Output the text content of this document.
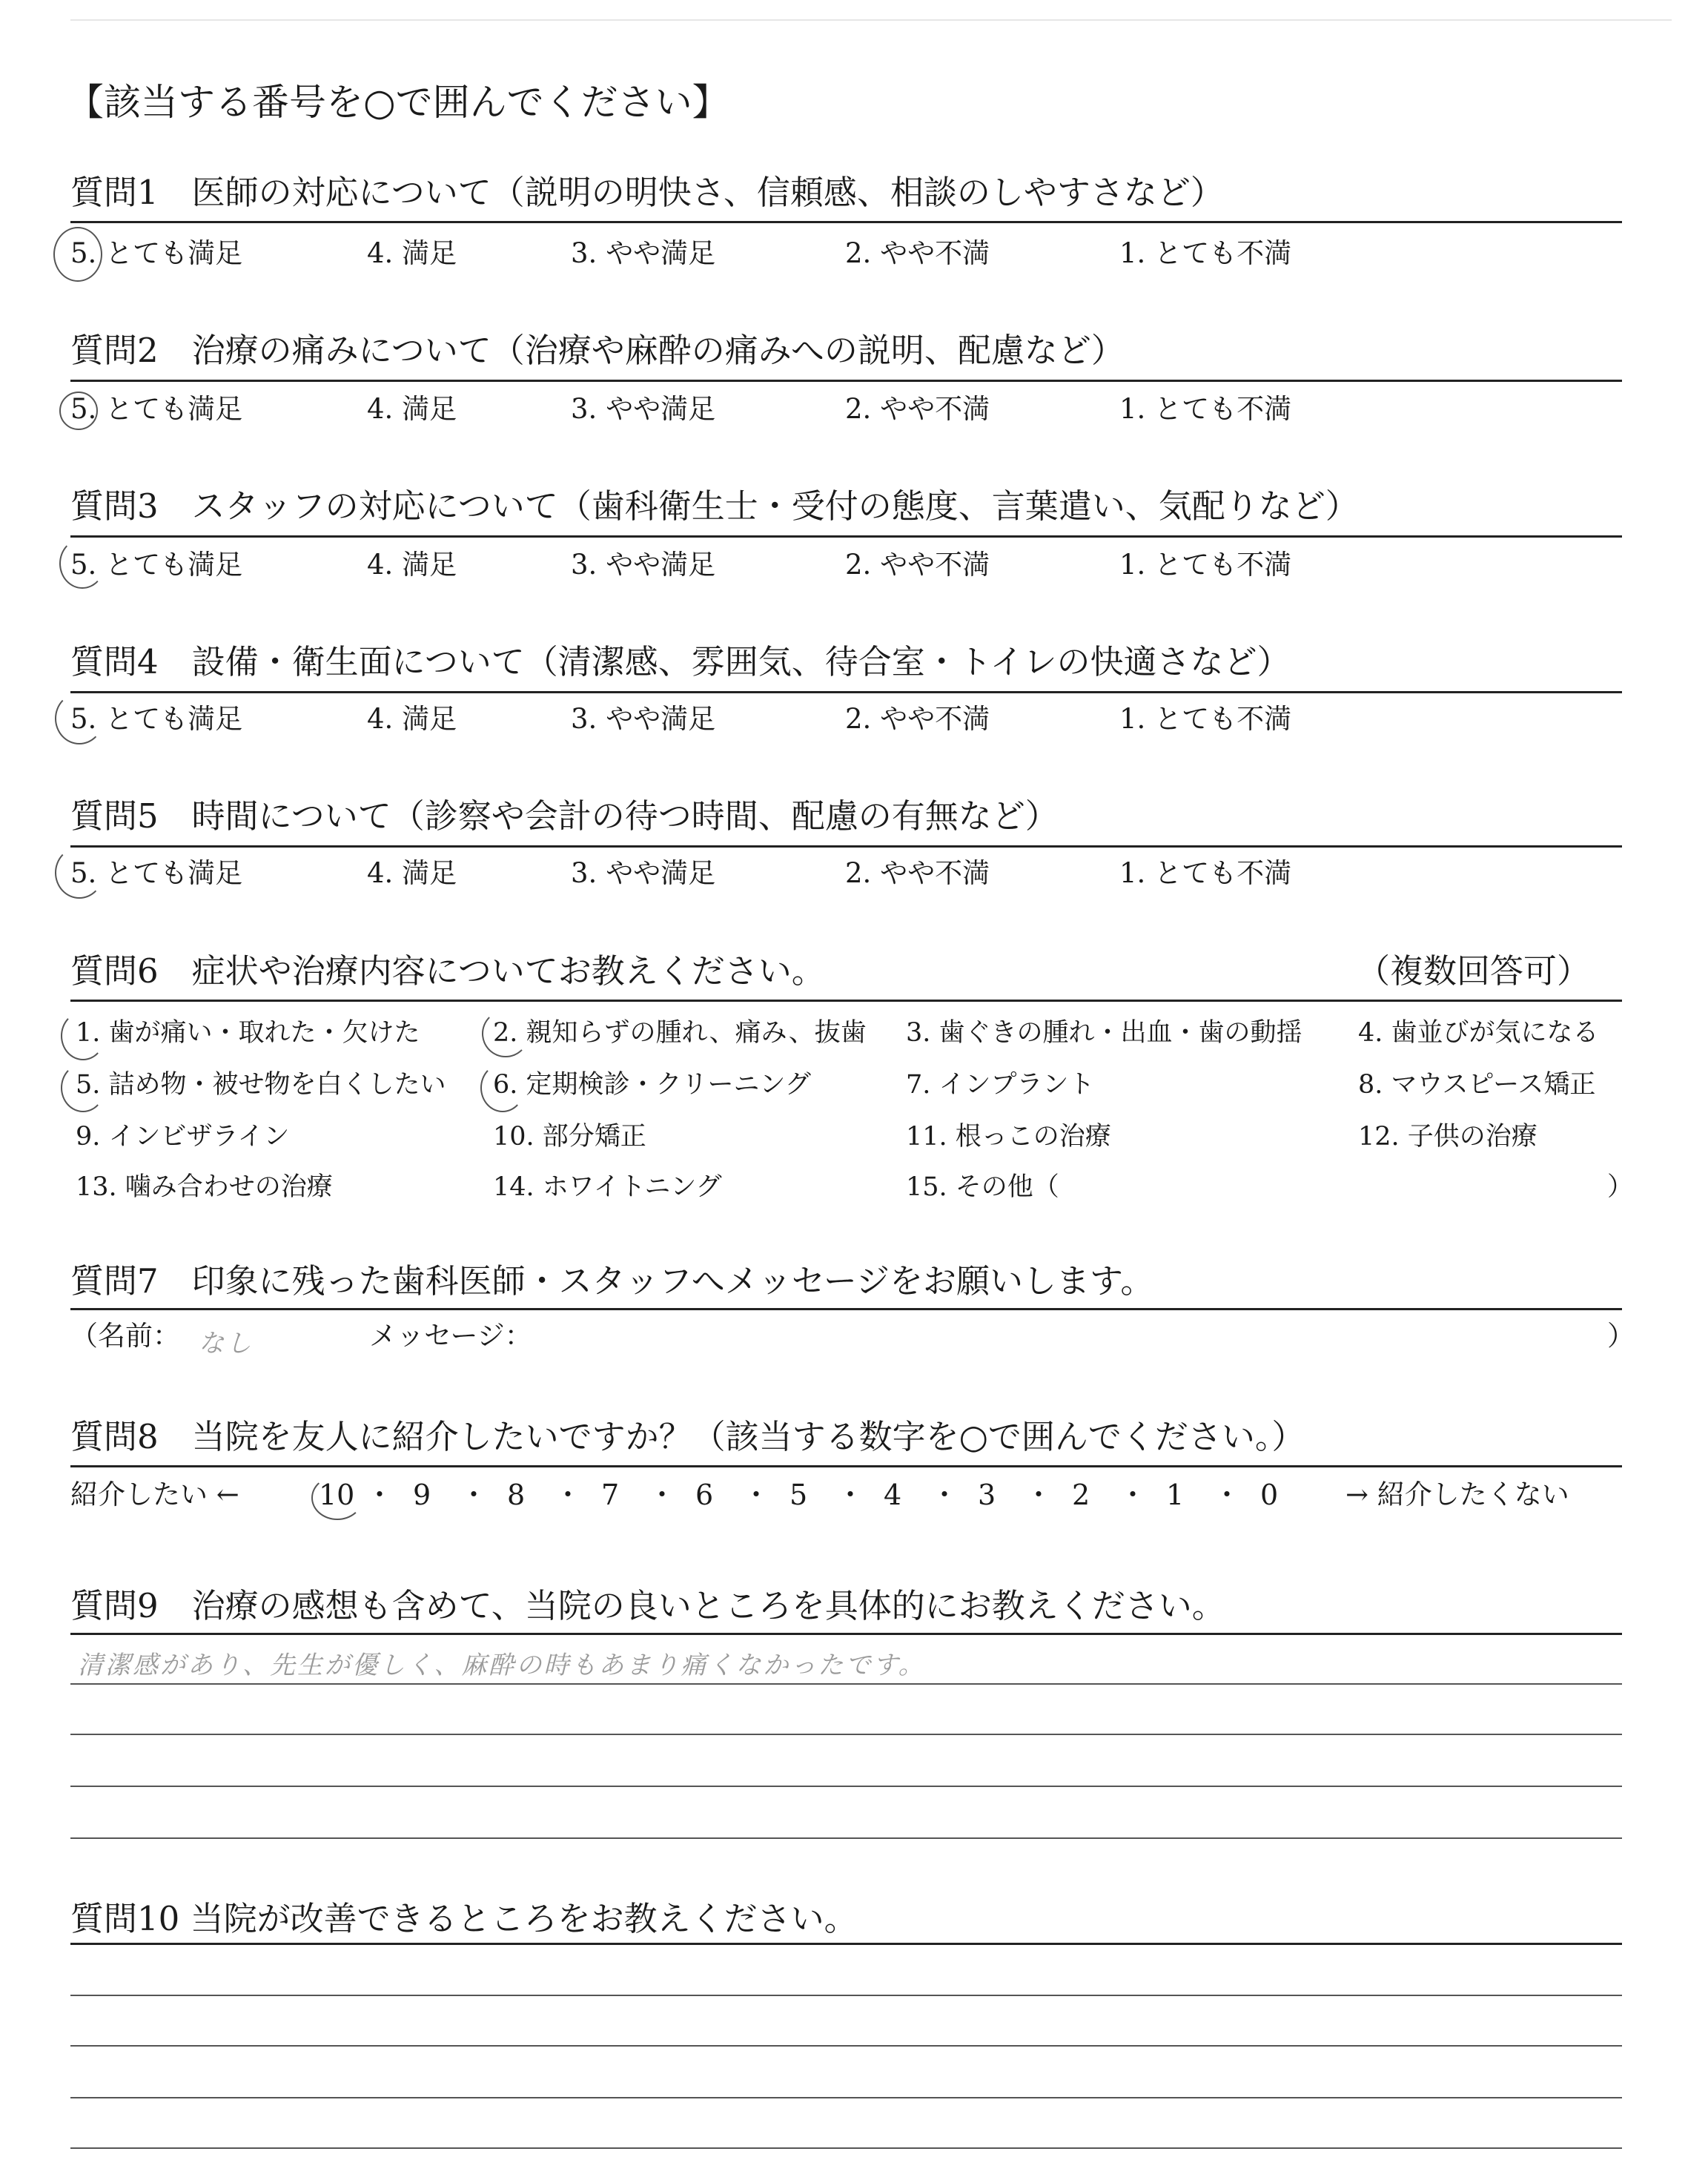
【該当する番号を○で囲んでください】
質問1　医師の対応について（説明の明快さ、信頼感、相談のしやすさなど）
5. とても満足	4. 満足	3. やや満足	2. やや不満	1. とても不満
質問2　治療の痛みについて（治療や麻酔の痛みへの説明、配慮など）
5. とても満足	4. 満足	3. やや満足	2. やや不満	1. とても不満
質問3　スタッフの対応について（歯科衛生士・受付の態度、言葉遣い、気配りなど）
5. とても満足	4. 満足	3. やや満足	2. やや不満	1. とても不満
質問4　設備・衛生面について（清潔感、雰囲気、待合室・トイレの快適さなど）
5. とても満足	4. 満足	3. やや満足	2. やや不満	1. とても不満
質問5　時間について（診察や会計の待つ時間、配慮の有無など）
5. とても満足	4. 満足	3. やや満足	2. やや不満	1. とても不満
質問6　症状や治療内容についてお教えください。	（複数回答可）
1. 歯が痛い・取れた・欠けた	2. 親知らずの腫れ、痛み、抜歯 3. 歯ぐきの腫れ・出血・歯の動揺 4. 歯並びが気になる
5. 詰め物・被せ物を白くしたい 6. 定期検診・クリーニング	7. インプラント	8. マウスピース矯正
9. インビザライン	10. 部分矯正	11. 根っこの治療	12. 子供の治療
13. 噛み合わせの治療	14. ホワイトニング	15. その他（	）
質問7　印象に残った歯科医師・スタッフへメッセージをお願いします。
（名前： なし	メッセージ：	）
質問8　当院を友人に紹介したいですか？（該当する数字を○で囲んでください。）
紹介したい ←	→ 紹介したくない
10 ・ 9 ・ 8 ・ 7 ・ 6 ・ 5 ・ 4 ・ 3 ・ 2 ・ 1 ・ 0
質問9　治療の感想も含めて、当院の良いところを具体的にお教えください。
清潔感があり、先生が優しく、麻酔の時もあまり痛くなかったです。
質問10 当院が改善できるところをお教えください。
